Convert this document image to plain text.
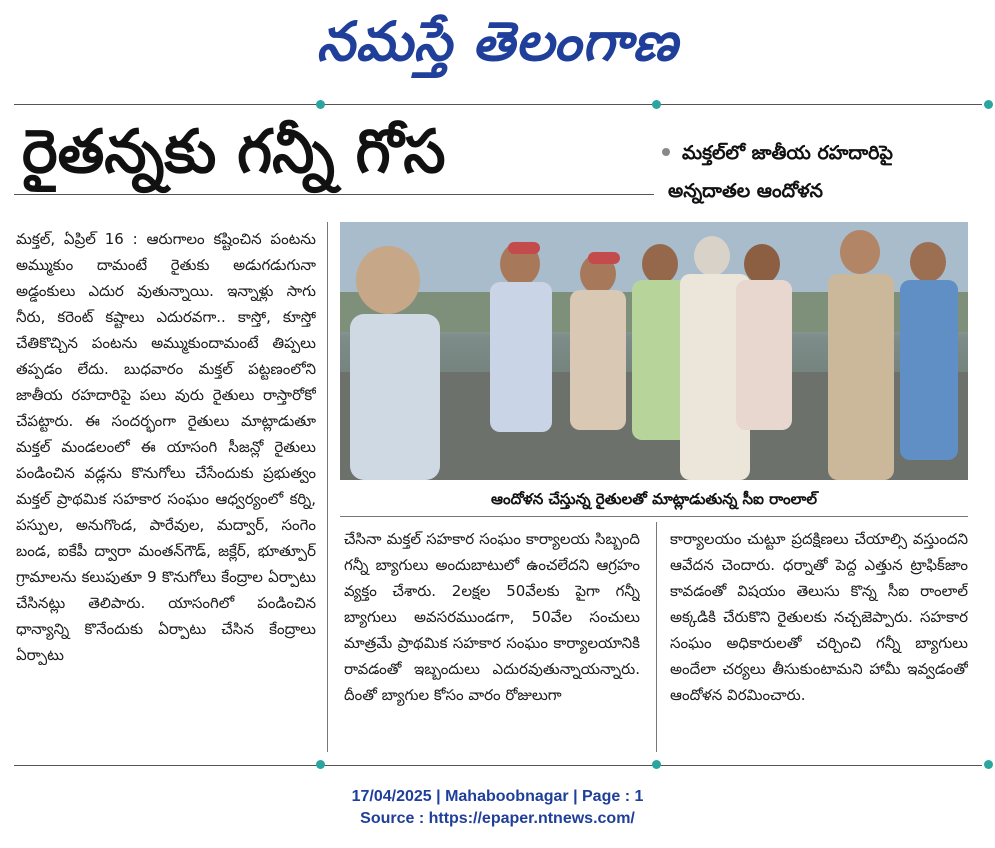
నమస్తే తెలంగాణ
రైతన్నకు గన్నీ గోస	మక్తల్‌లో జాతీయ రహదారిపై

అన్నదాతల ఆందోళన

మక్తల్, ఏప్రిల్ 16 : ఆరుగాలం కష్టించిన పంటను అమ్ముకుం దామంటే రైతుకు అడుగడుగునా అడ్డంకులు ఎదుర వుతున్నాయి. ఇన్నాళ్లు సాగు నీరు, కరెంట్ కష్టాలు ఎదురవగా.. కాస్తో, కూస్తో చేతికొచ్చిన పంటను అమ్ముకుందామంటే తిప్పలు తప్పడం లేదు. బుధవారం మక్తల్ పట్టణంలోని జాతీయ రహదారిపై పలు వురు రైతులు రాస్తారోకో చేపట్టారు. ఈ సందర్భంగా రైతులు మాట్లాడుతూ మక్తల్ మండలంలో ఈ యాసంగి సీజన్లో రైతులు పండించిన వడ్లను కొనుగోలు చేసేందుకు ప్రభుత్వం మక్తల్ ప్రాథమిక సహకార సంఘం ఆధ్వర్యంలో కర్ని, పస్పుల, అనుగొండ, పారేవుల, మద్వార్, సంగెం బండ, ఐకేపీ ద్వారా మంతన్‌గౌడ్, జక్లేర్, భూత్పూర్ గ్రామాలను కలుపుతూ 9 కొనుగోలు కేంద్రాల ఏర్పాటు చేసినట్లు తెలిపారు. యాసంగిలో పండించిన ధాన్యాన్ని కొనేందుకు ఏర్పాటు చేసిన కేంద్రాలు ఏర్పాటు
ఆందోళన చేస్తున్న రైతులతో మాట్లాడుతున్న సీఐ రాంలాల్
చేసినా మక్తల్ సహకార సంఘం కార్యాలయ సిబ్బంది గన్నీ బ్యాగులు అందుబాటులో ఉంచలేదని ఆగ్రహం వ్యక్తం చేశారు. 2లక్షల 50వేలకు పైగా గన్నీ బ్యాగులు అవసరముండగా, 50వేల సంచులు మాత్రమే ప్రాథమిక సహకార సంఘం కార్యాలయానికి రావడంతో ఇబ్బందులు ఎదురవుతున్నాయన్నారు. దీంతో బ్యాగుల కోసం వారం రోజులుగా
కార్యాలయం చుట్టూ ప్రదక్షిణలు చేయాల్సి వస్తుందని ఆవేదన చెందారు. ధర్నాతో పెద్ద ఎత్తున ట్రాఫిక్‌జాం కావడంతో విషయం తెలుసు కొన్న సీఐ రాంలాల్ అక్కడికి చేరుకొని రైతులకు నచ్చజెప్పారు. సహకార సంఘం అధికారులతో చర్చించి గన్నీ బ్యాగులు అందేలా చర్యలు తీసుకుంటామని హామీ ఇవ్వడంతో ఆందోళన విరమించారు.
17/04/2025 | Mahaboobnagar | Page : 1
Source : https://epaper.ntnews.com/
